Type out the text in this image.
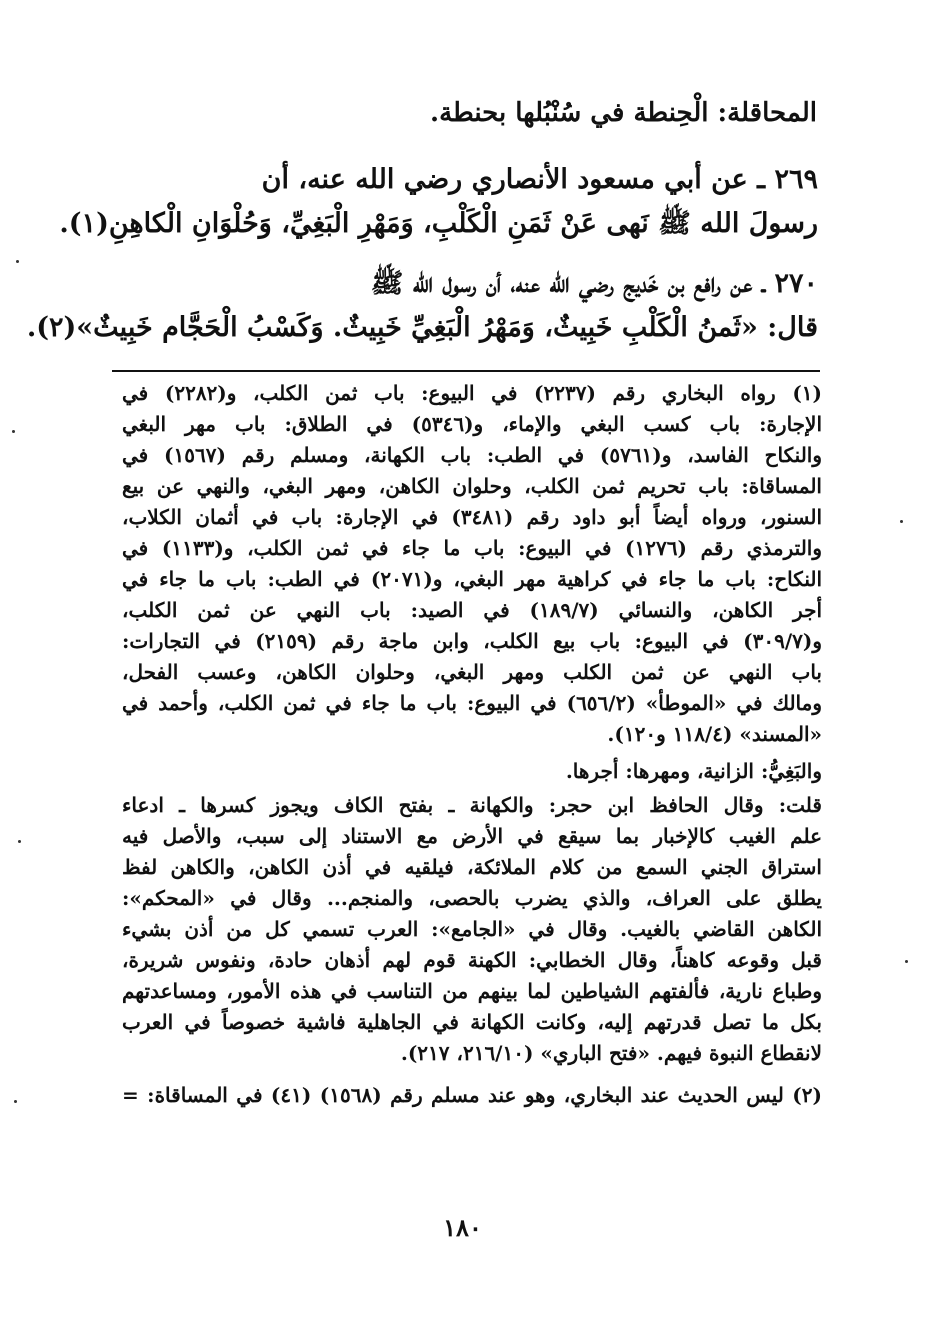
المحاقلة: الْحِنطة في سُنْبُلها بحنطة.
٢٦٩ ـ عن أبي مسعود الأنصاري رضي الله عنه، أن
رسولَ الله ﷺ نَهى عَنْ ثَمَنِ الْكَلْبِ، وَمَهْرِ الْبَغِيِّ، وَحُلْوَانِ الْكاهِنِ(١).
٢٧٠ ـ عن رافع بن خَديج رضي الله عنه، أن رسول الله ﷺ
قال: «ثَمنُ الْكَلْبِ خَبِيثٌ، وَمَهْرُ الْبَغِيِّ خَبِيثٌ. وَكَسْبُ الْحَجَّام خَبِيثٌ»(٢).
(١) رواه البخاري رقم (٢٢٣٧) في البيوع: باب ثمن الكلب، و(٢٢٨٢) في
الإجارة: باب كسب البغي والإماء، و(٥٣٤٦) في الطلاق: باب مهر البغي
والنكاح الفاسد، و(٥٧٦١) في الطب: باب الكهانة، ومسلم رقم (١٥٦٧) في
المساقاة: باب تحريم ثمن الكلب، وحلوان الكاهن، ومهر البغي، والنهي عن بيع
السنور، ورواه أيضاً أبو داود رقم (٣٤٨١) في الإجارة: باب في أثمان الكلاب،
والترمذي رقم (١٢٧٦) في البيوع: باب ما جاء في ثمن الكلب، و(١١٣٣) في
النكاح: باب ما جاء في كراهية مهر البغي، و(٢٠٧١) في الطب: باب ما جاء في
أجر الكاهن، والنسائي (١٨٩/٧) في الصيد: باب النهي عن ثمن الكلب،
و(٣٠٩/٧) في البيوع: باب بيع الكلب، وابن ماجة رقم (٢١٥٩) في التجارات:
باب النهي عن ثمن الكلب ومهر البغي، وحلوان الكاهن، وعسب الفحل،
ومالك في «الموطأ» (٦٥٦/٢) في البيوع: باب ما جاء في ثمن الكلب، وأحمد في
«المسند» (١١٨/٤ و١٢٠).
والبَغِيُّ: الزانية، ومهرها: أجرها.
قلت: وقال الحافظ ابن حجر: والكهانة ـ بفتح الكاف ويجوز كسرها ـ ادعاء
علم الغيب كالإخبار بما سيقع في الأرض مع الاستناد إلى سبب، والأصل فيه
استراق الجني السمع من كلام الملائكة، فيلقيه في أذن الكاهن، والكاهن لفظ
يطلق على العراف، والذي يضرب بالحصى، والمنجم... وقال في «المحكم»:
الكاهن القاضي بالغيب. وقال في «الجامع»: العرب تسمي كل من أذن بشيء
قبل وقوعه كاهناً، وقال الخطابي: الكهنة قوم لهم أذهان حادة، ونفوس شريرة،
وطباع نارية، فألفتهم الشياطين لما بينهم من التناسب في هذه الأمور، ومساعدتهم
بكل ما تصل قدرتهم إليه، وكانت الكهانة في الجاهلية فاشية خصوصاً في العرب
لانقطاع النبوة فيهم. «فتح الباري» (٢١٦/١٠، ٢١٧).
(٢) ليس الحديث عند البخاري، وهو عند مسلم رقم (١٥٦٨) (٤١) في المساقاة: =
١٨٠
